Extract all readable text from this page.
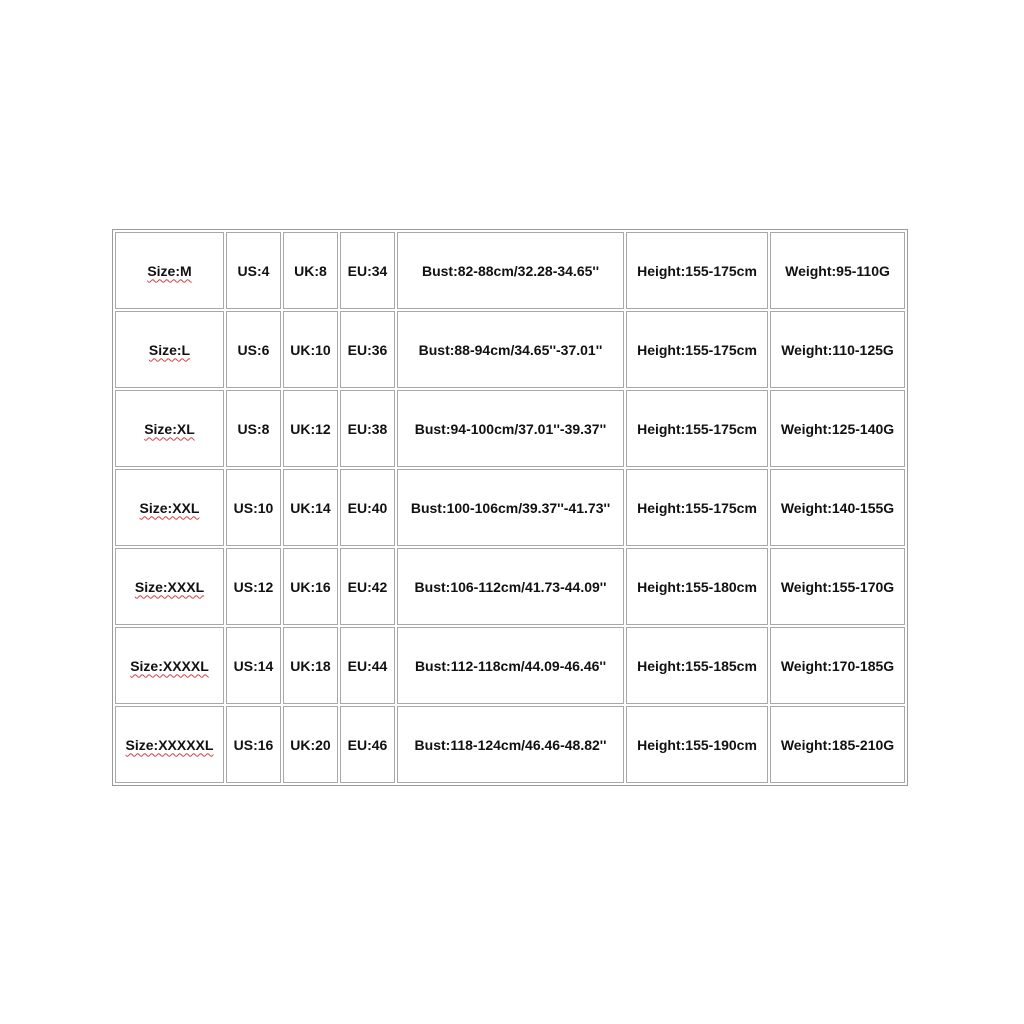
Size:M	US:4	UK:8	EU:34	Bust:82-88cm/32.28-34.65''	Height:155-175cm	Weight:95-110G
Size:L	US:6	UK:10	EU:36	Bust:88-94cm/34.65''-37.01''	Height:155-175cm	Weight:110-125G
Size:XL	US:8	UK:12	EU:38	Bust:94-100cm/37.01''-39.37''	Height:155-175cm	Weight:125-140G
Size:XXL	US:10	UK:14	EU:40	Bust:100-106cm/39.37''-41.73''	Height:155-175cm	Weight:140-155G
Size:XXXL	US:12	UK:16	EU:42	Bust:106-112cm/41.73-44.09''	Height:155-180cm	Weight:155-170G
Size:XXXXL	US:14	UK:18	EU:44	Bust:112-118cm/44.09-46.46''	Height:155-185cm	Weight:170-185G
Size:XXXXXL	US:16	UK:20	EU:46	Bust:118-124cm/46.46-48.82''	Height:155-190cm	Weight:185-210G
